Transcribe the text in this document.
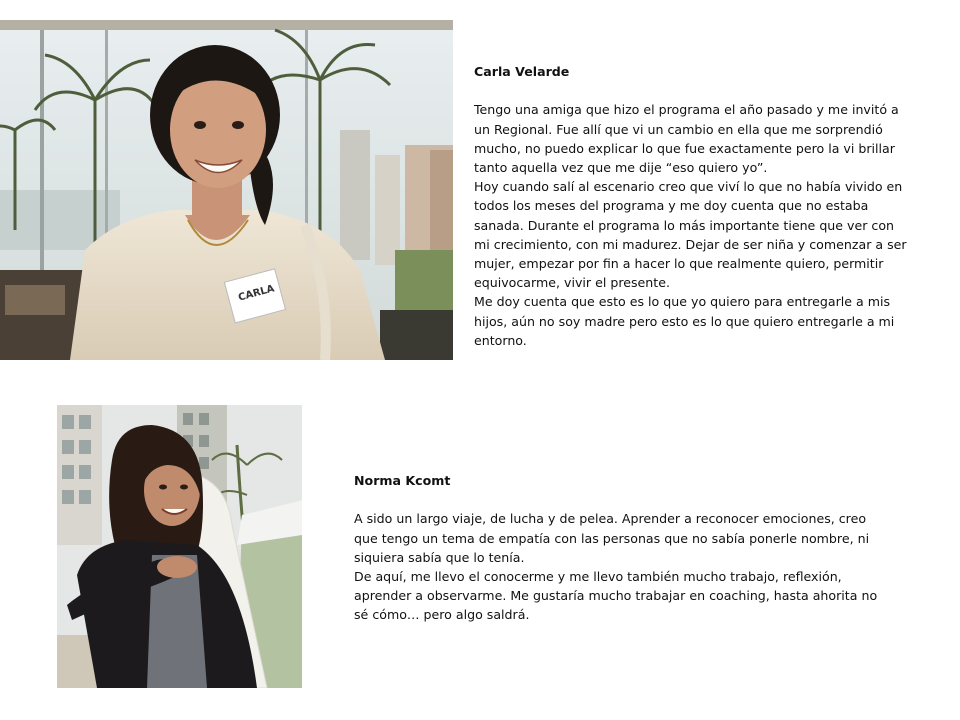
CARLA

Carla Velarde

Tengo una amiga que hizo el programa el año pasado y me invitó a

un Regional. Fue allí que vi un cambio en ella que me sorprendió

mucho, no puedo explicar lo que fue exactamente pero la vi brillar

tanto aquella vez que me dije “eso quiero yo”.

Hoy cuando salí al escenario creo que viví lo que no había vivido en

todos los meses del programa y me doy cuenta que no estaba

sanada. Durante el programa lo más importante tiene que ver con

mi crecimiento, con mi madurez. Dejar de ser niña y comenzar a ser

mujer, empezar por fin a hacer lo que realmente quiero, permitir

equivocarme, vivir el presente.

Me doy cuenta que esto es lo que yo quiero para entregarle a mis

hijos, aún no soy madre pero esto es lo que quiero entregarle a mi

entorno.

Norma Kcomt

A sido un largo viaje, de lucha y de pelea. Aprender a reconocer emociones, creo

que tengo un tema de empatía con las personas que no sabía ponerle nombre, ni

siquiera sabía que lo tenía.

De aquí, me llevo el conocerme y me llevo también mucho trabajo, reflexión,

aprender a observarme. Me gustaría mucho trabajar en coaching, hasta ahorita no

sé cómo… pero algo saldrá.
